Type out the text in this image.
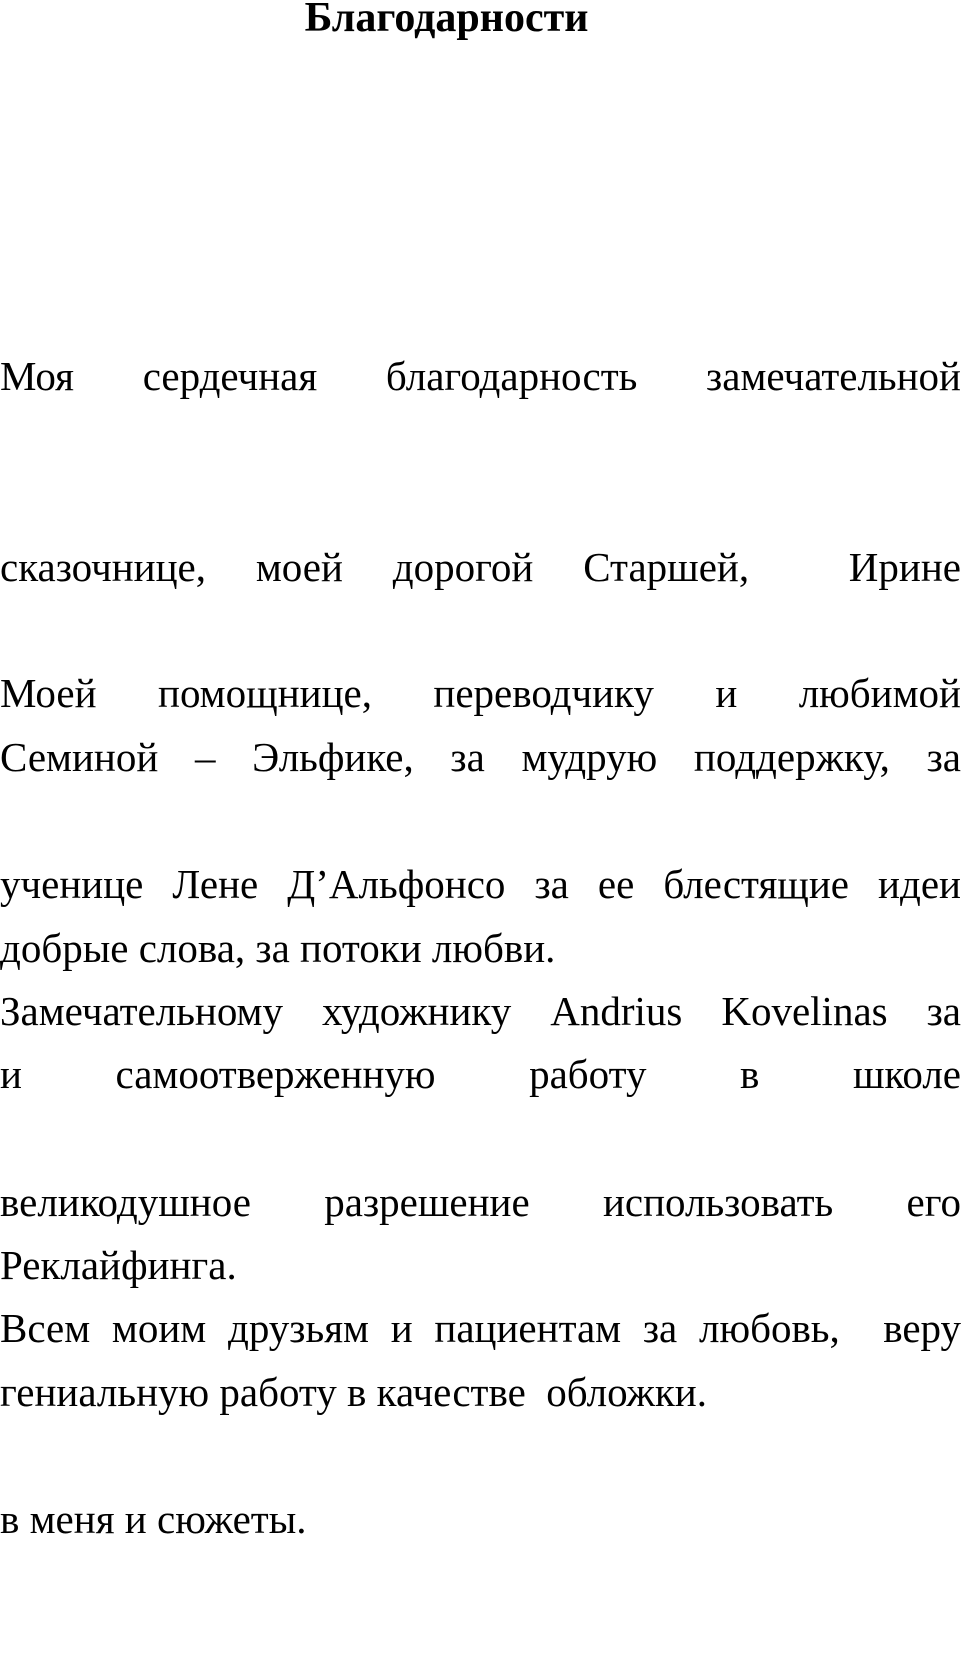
Благодарности

Моя сердечная благодарность замечательной

сказочнице, моей дорогой Старшей,  Ирине

Семиной – Эльфике, за мудрую поддержку, за

добрые слова, за потоки любви.

Моей помощнице, переводчику и любимой

ученице Лене Д’Альфонсо за ее блестящие идеи

и самоотверженную работу в школе

Реклайфинга.

Замечательному художнику Andrius Kovelinas за

великодушное разрешение использовать его

гениальную работу в качестве  обложки.

Всем моим друзьям и пациентам за любовь,  веру

в меня и сюжеты.
